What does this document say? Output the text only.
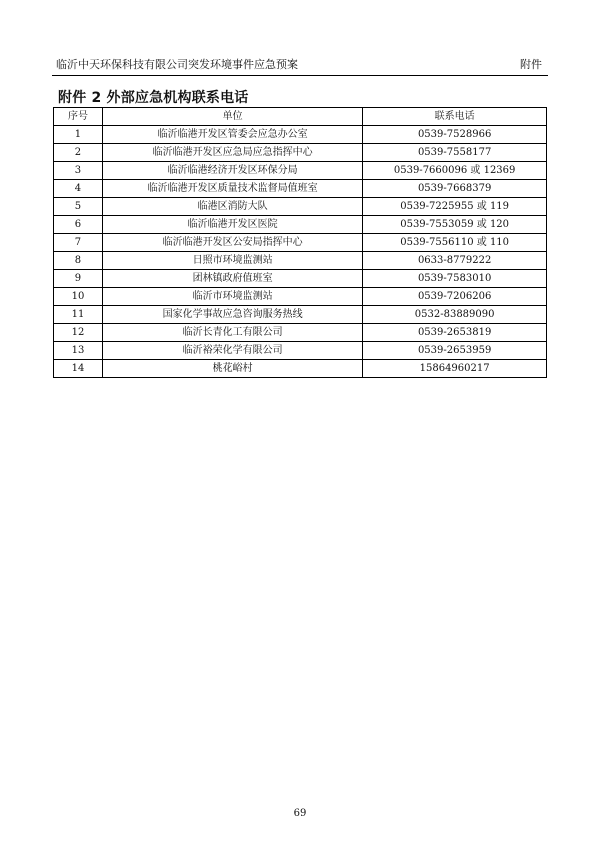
临沂中天环保科技有限公司突发环境事件应急预案	附件
附件 2 外部应急机构联系电话
序号	单位	联系电话
1	临沂临港开发区管委会应急办公室	0539-7528966
2	临沂临港开发区应急局应急指挥中心	0539-7558177
3	临沂临港经济开发区环保分局	0539-7660096 或 12369
4	临沂临港开发区质量技术监督局值班室	0539-7668379
5	临港区消防大队	0539-7225955 或 119
6	临沂临港开发区医院	0539-7553059 或 120
7	临沂临港开发区公安局指挥中心	0539-7556110 或 110
8	日照市环境监测站	0633-8779222
9	团林镇政府值班室	0539-7583010
10	临沂市环境监测站	0539-7206206
11	国家化学事故应急咨询服务热线	0532-83889090
12	临沂长青化工有限公司	0539-2653819
13	临沂裕荣化学有限公司	0539-2653959
14	桃花峪村	15864960217
69
